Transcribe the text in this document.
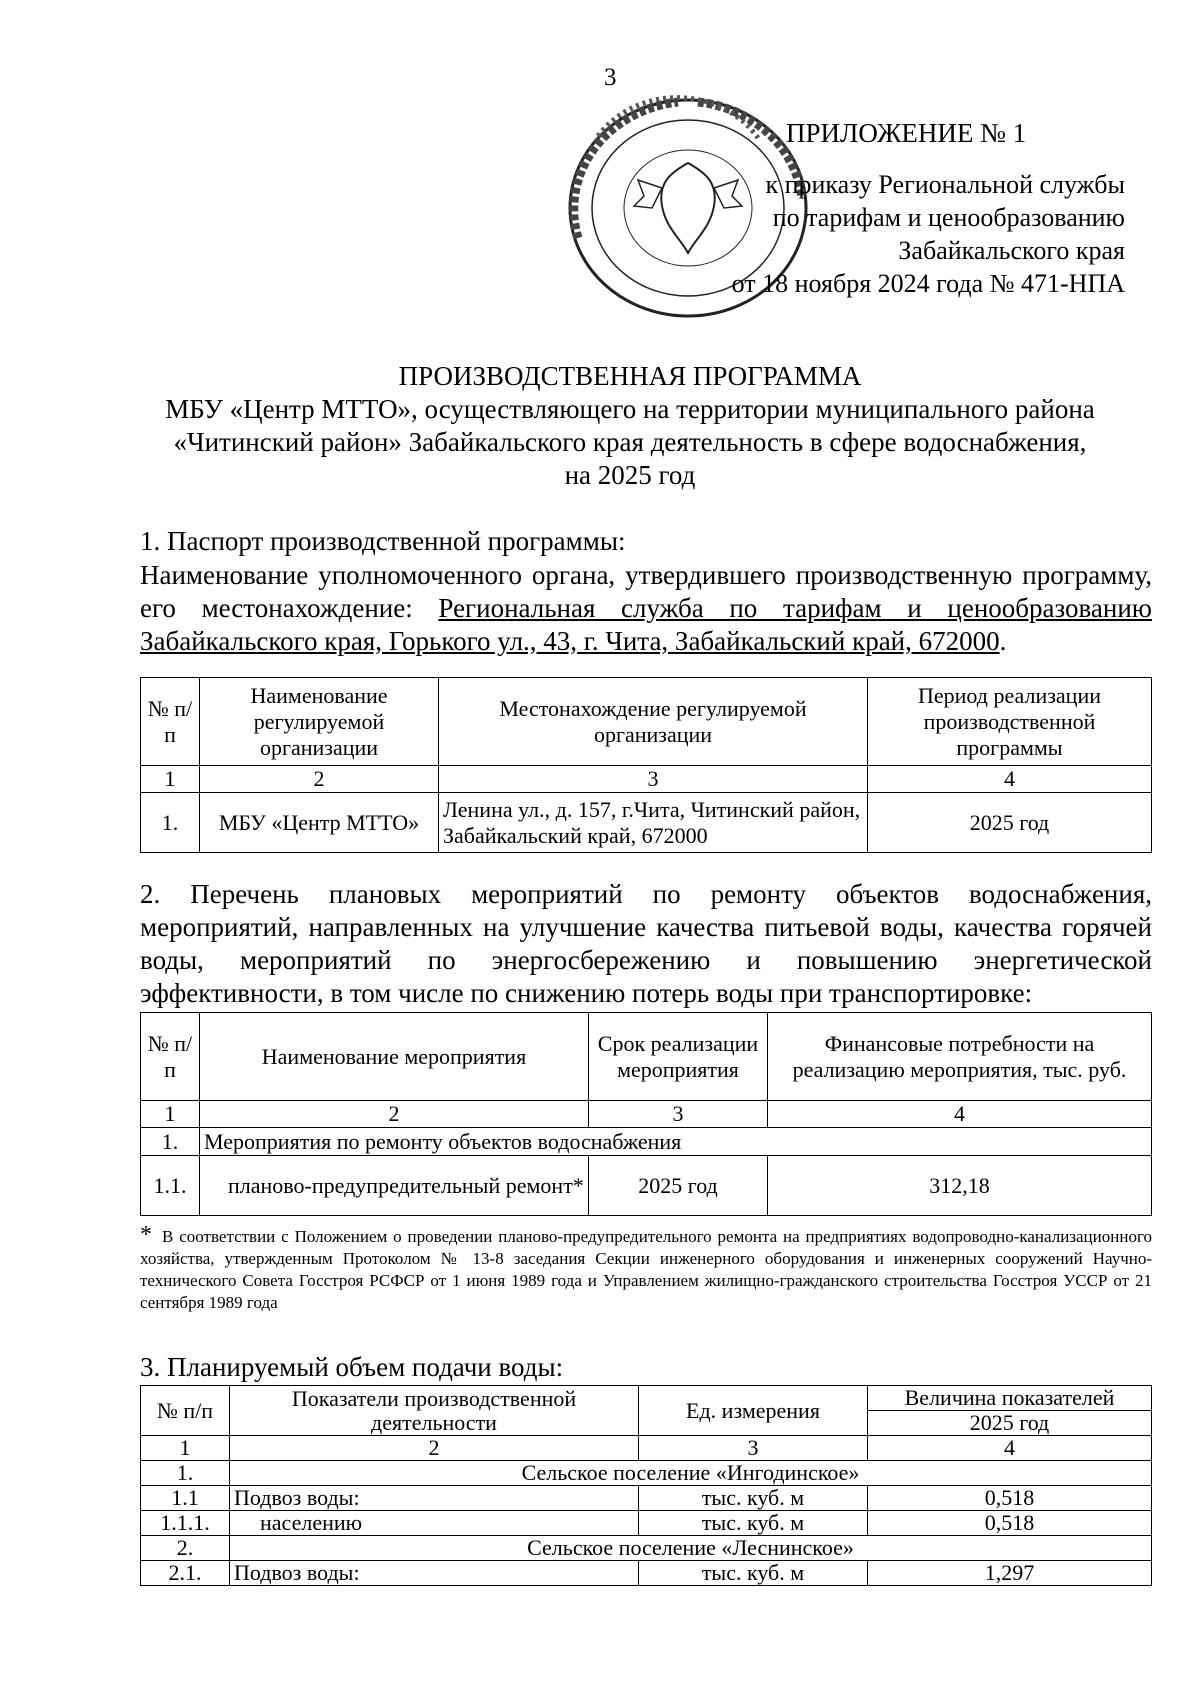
3
ПРИЛОЖЕНИЕ № 1
к приказу Региональной службы
по тарифам и ценообразованию
Забайкальского края
от 18 ноября 2024 года № 471-НПА
ПРОИЗВОДСТВЕННАЯ ПРОГРАММА
МБУ «Центр МТТО», осуществляющего на территории муниципального района
«Читинский район» Забайкальского края деятельность в сфере водоснабжения,
на 2025 год
1. Паспорт производственной программы:
Наименование уполномоченного органа, утвердившего производственную программу, его местонахождение: Региональная служба по тарифам и ценообразованию Забайкальского края, Горького ул., 43, г. Чита, Забайкальский край, 672000.
№ п/п	Наименование регулируемой организации	Местонахождение регулируемой организации	Период реализации производственной программы
1	2	3	4
1.	МБУ «Центр МТТО»	Ленина ул., д. 157, г.Чита, Читинский район, Забайкальский край, 672000	2025 год
2. Перечень плановых мероприятий по ремонту объектов водоснабжения, мероприятий, направленных на улучшение качества питьевой воды, качества горячей воды, мероприятий по энергосбережению и повышению энергетической эффективности, в том числе по снижению потерь воды при транспортировке:
№ п/п	Наименование мероприятия	Срок реализации мероприятия	Финансовые потребности на реализацию мероприятия, тыс. руб.
1	2	3	4
1.	Мероприятия по ремонту объектов водоснабжения		
1.1.	планово-предупредительный ремонт*	2025 год	312,18
* В соответствии с Положением о проведении планово-предупредительного ремонта на предприятиях водопроводно-канализационного хозяйства, утвержденным Протоколом № 13-8 заседания Секции инженерного оборудования и инженерных сооружений Научно-технического Совета Госстроя РСФСР от 1 июня 1989 года и Управлением жилищно-гражданского строительства Госстроя УССР от 21 сентября 1989 года
3. Планируемый объем подачи воды:
№ п/п	Показатели производственной деятельности	Ед. измерения	Величина показателей
			2025 год
1	2	3	4
1.	Сельское поселение «Ингодинское»		
1.1	Подвоз воды:	тыс. куб. м	0,518
1.1.1.	населению	тыс. куб. м	0,518
2.	Сельское поселение «Леснинское»		
2.1.	Подвоз воды:	тыс. куб. м	1,297
